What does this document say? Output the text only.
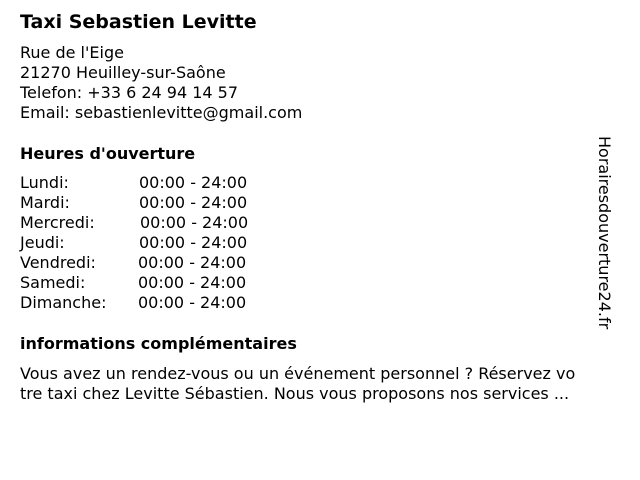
Taxi Sebastien Levitte
Rue de l'Eige
21270 Heuilley-sur-Saône
Telefon: +33 6 24 94 14 57
Email: sebastienlevitte@gmail.com
Heures d'ouverture
Lundi:	00:00 - 24:00
Mardi:	00:00 - 24:00
Mercredi:	00:00 - 24:00
Jeudi:	00:00 - 24:00
Vendredi:	00:00 - 24:00
Samedi:	00:00 - 24:00
Dimanche: 00:00 - 24:00
informations complémentaires
Vous avez un rendez-vous ou un événement personnel ? Réservez vo
tre taxi chez Levitte Sébastien. Nous vous proposons nos services ...
Horairesdouverture24.fr
